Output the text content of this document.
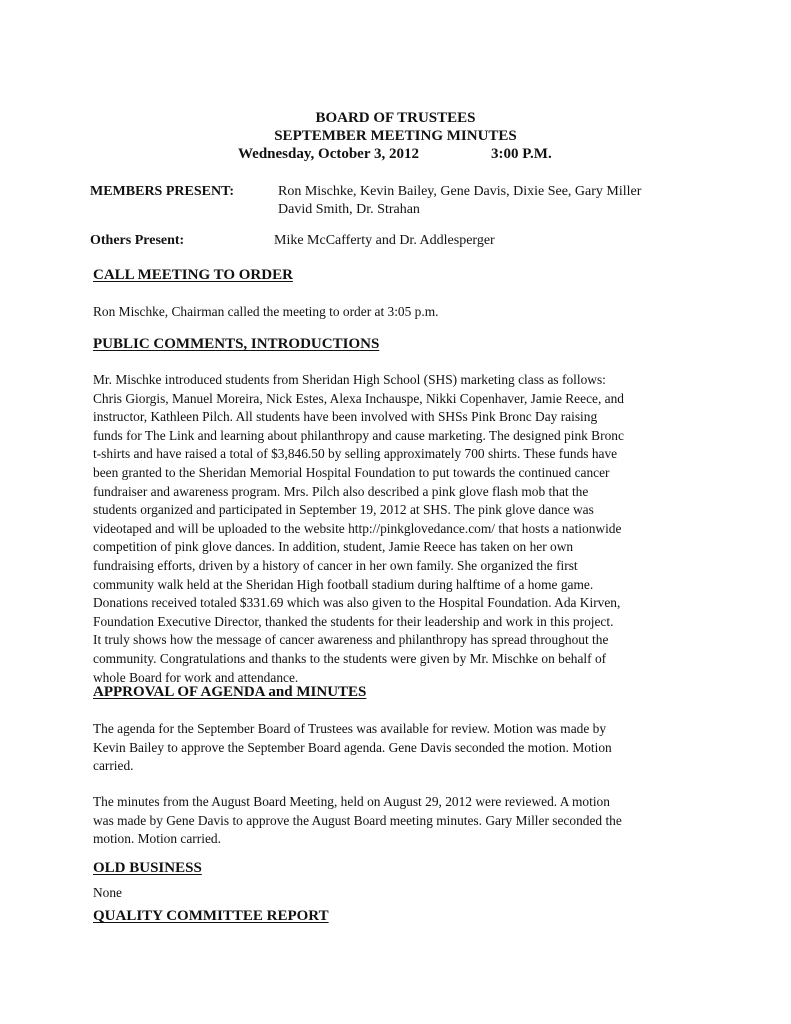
BOARD OF TRUSTEES
SEPTEMBER MEETING MINUTES
Wednesday, October 3, 2012	3:00 P.M.
MEMBERS PRESENT:	Ron Mischke, Kevin Bailey, Gene Davis, Dixie See, Gary Miller
David Smith, Dr. Strahan
Others Present:	Mike McCafferty and Dr. Addlesperger
CALL MEETING TO ORDER
Ron Mischke, Chairman called the meeting to order at 3:05 p.m.
PUBLIC COMMENTS, INTRODUCTIONS
Mr. Mischke introduced students from Sheridan High School (SHS) marketing class as follows:
Chris Giorgis, Manuel Moreira, Nick Estes, Alexa Inchauspe, Nikki Copenhaver, Jamie Reece, and
instructor, Kathleen Pilch. All students have been involved with SHSs Pink Bronc Day raising
funds for The Link and learning about philanthropy and cause marketing. The designed pink Bronc
t-shirts and have raised a total of $3,846.50 by selling approximately 700 shirts. These funds have
been granted to the Sheridan Memorial Hospital Foundation to put towards the continued cancer
fundraiser and awareness program. Mrs. Pilch also described a pink glove flash mob that the
students organized and participated in September 19, 2012 at SHS. The pink glove dance was
videotaped and will be uploaded to the website http://pinkglovedance.com/ that hosts a nationwide
competition of pink glove dances. In addition, student, Jamie Reece has taken on her own
fundraising efforts, driven by a history of cancer in her own family. She organized the first
community walk held at the Sheridan High football stadium during halftime of a home game.
Donations received totaled $331.69 which was also given to the Hospital Foundation. Ada Kirven,
Foundation Executive Director, thanked the students for their leadership and work in this project.
It truly shows how the message of cancer awareness and philanthropy has spread throughout the
community. Congratulations and thanks to the students were given by Mr. Mischke on behalf of
whole Board for work and attendance.
APPROVAL OF AGENDA and MINUTES
The agenda for the September Board of Trustees was available for review. Motion was made by
Kevin Bailey to approve the September Board agenda. Gene Davis seconded the motion. Motion
carried.
The minutes from the August Board Meeting, held on August 29, 2012 were reviewed. A motion
was made by Gene Davis to approve the August Board meeting minutes. Gary Miller seconded the
motion. Motion carried.
OLD BUSINESS
None
QUALITY COMMITTEE REPORT
